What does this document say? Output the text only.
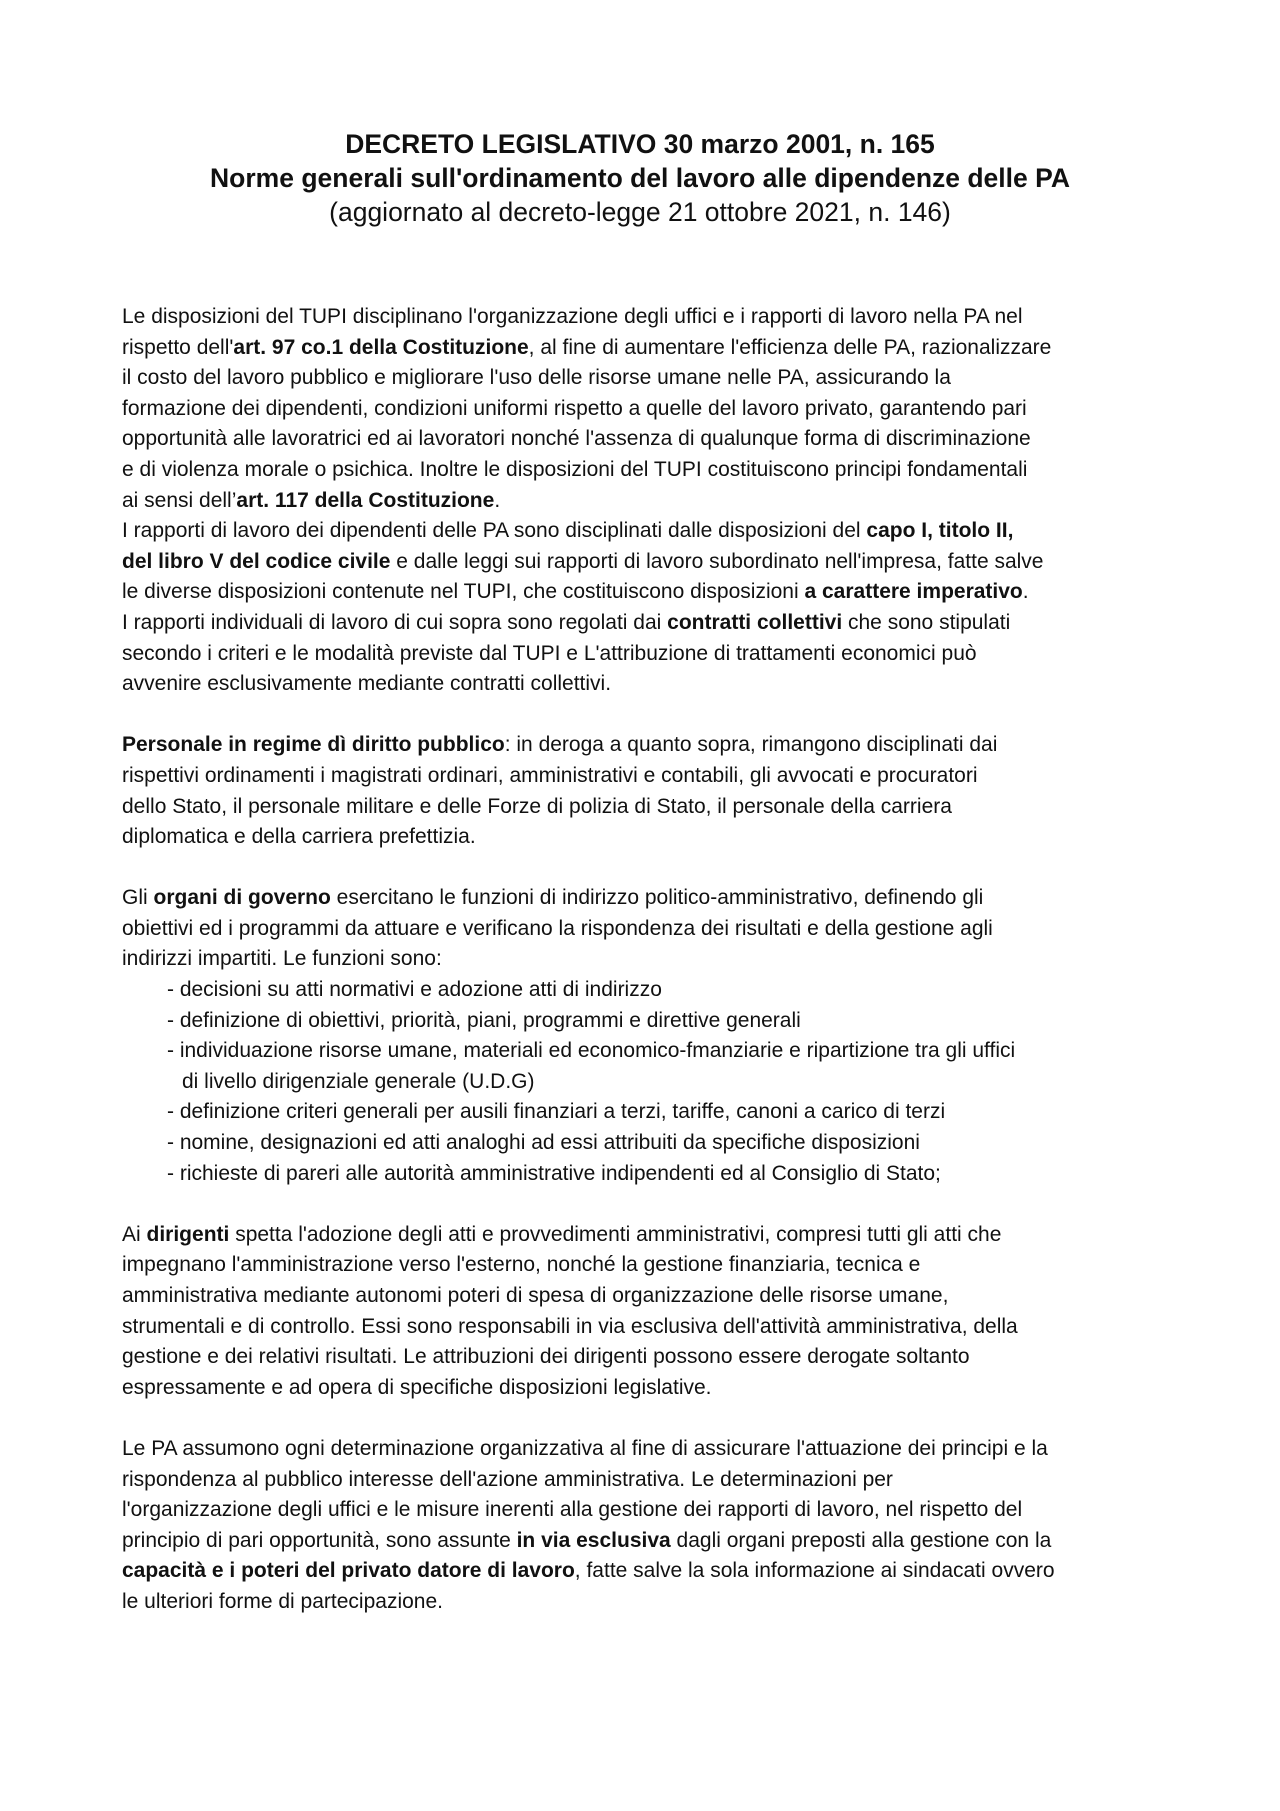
DECRETO LEGISLATIVO 30 marzo 2001, n. 165
Norme generali sull'ordinamento del lavoro alle dipendenze delle PA
(aggiornato al decreto-legge 21 ottobre 2021, n. 146)
Le disposizioni del TUPI disciplinano l'organizzazione degli uffici e i rapporti di lavoro nella PA nel
rispetto dell'art. 97 co.1 della Costituzione, al fine di aumentare l'efficienza delle PA, razionalizzare
il costo del lavoro pubblico e migliorare l'uso delle risorse umane nelle PA, assicurando la
formazione dei dipendenti, condizioni uniformi rispetto a quelle del lavoro privato, garantendo pari
opportunità alle lavoratrici ed ai lavoratori nonché l'assenza di qualunque forma di discriminazione
e di violenza morale o psichica. Inoltre le disposizioni del TUPI costituiscono principi fondamentali
ai sensi dell’art. 117 della Costituzione.
I rapporti di lavoro dei dipendenti delle PA sono disciplinati dalle disposizioni del capo I, titolo II,
del libro V del codice civile e dalle leggi sui rapporti di lavoro subordinato nell'impresa, fatte salve
le diverse disposizioni contenute nel TUPI, che costituiscono disposizioni a carattere imperativo.
I rapporti individuali di lavoro di cui sopra sono regolati dai contratti collettivi che sono stipulati
secondo i criteri e le modalità previste dal TUPI e L'attribuzione di trattamenti economici può
avvenire esclusivamente mediante contratti collettivi.
Personale in regime dì diritto pubblico: in deroga a quanto sopra, rimangono disciplinati dai
rispettivi ordinamenti i magistrati ordinari, amministrativi e contabili, gli avvocati e procuratori
dello Stato, il personale militare e delle Forze di polizia di Stato, il personale della carriera
diplomatica e della carriera prefettizia.
Gli organi di governo esercitano le funzioni di indirizzo politico-amministrativo, definendo gli
obiettivi ed i programmi da attuare e verificano la rispondenza dei risultati e della gestione agli
indirizzi impartiti. Le funzioni sono:
- decisioni su atti normativi e adozione atti di indirizzo
- definizione di obiettivi, priorità, piani, programmi e direttive generali
- individuazione risorse umane, materiali ed economico-fmanziarie e ripartizione tra gli uffici
di livello dirigenziale generale (U.D.G)
- definizione criteri generali per ausili finanziari a terzi, tariffe, canoni a carico di terzi
- nomine, designazioni ed atti analoghi ad essi attribuiti da specifiche disposizioni
- richieste di pareri alle autorità amministrative indipendenti ed al Consiglio di Stato;
Ai dirigenti spetta l'adozione degli atti e provvedimenti amministrativi, compresi tutti gli atti che
impegnano l'amministrazione verso l'esterno, nonché la gestione finanziaria, tecnica e
amministrativa mediante autonomi poteri di spesa di organizzazione delle risorse umane,
strumentali e di controllo. Essi sono responsabili in via esclusiva dell'attività amministrativa, della
gestione e dei relativi risultati. Le attribuzioni dei dirigenti possono essere derogate soltanto
espressamente e ad opera di specifiche disposizioni legislative.
Le PA assumono ogni determinazione organizzativa al fine di assicurare l'attuazione dei principi e la
rispondenza al pubblico interesse dell'azione amministrativa. Le determinazioni per
l'organizzazione degli uffici e le misure inerenti alla gestione dei rapporti di lavoro, nel rispetto del
principio di pari opportunità, sono assunte in via esclusiva dagli organi preposti alla gestione con la
capacità e i poteri del privato datore di lavoro, fatte salve la sola informazione ai sindacati ovvero
le ulteriori forme di partecipazione.
